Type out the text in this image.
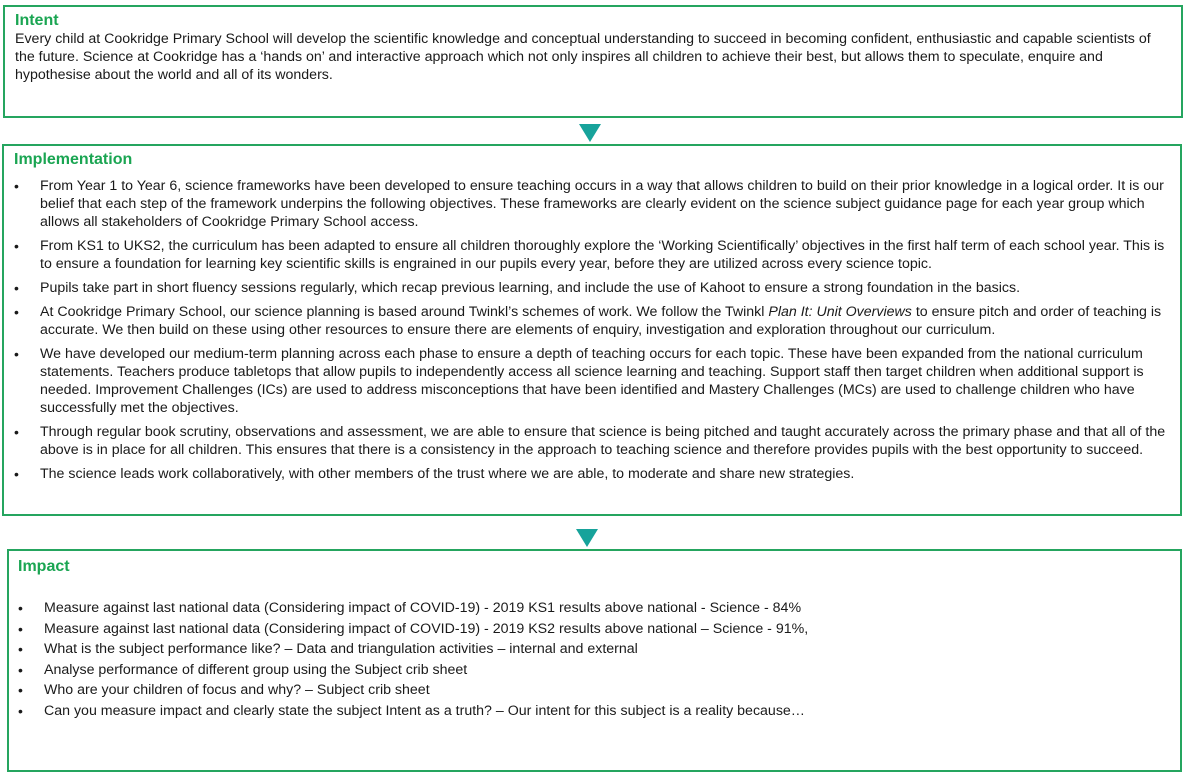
Intent
Every child at Cookridge Primary School will develop the scientific knowledge and conceptual understanding to succeed in becoming confident, enthusiastic and capable scientists of the future. Science at Cookridge has a ‘hands on’ and interactive approach which not only inspires all children to achieve their best, but allows them to speculate, enquire and hypothesise about the world and all of its wonders.
Implementation
• From Year 1 to Year 6, science frameworks have been developed to ensure teaching occurs in a way that allows children to build on their prior knowledge in a logical order. It is our belief that each step of the framework underpins the following objectives. These frameworks are clearly evident on the science subject guidance page for each year group which allows all stakeholders of Cookridge Primary School access.
• From KS1 to UKS2, the curriculum has been adapted to ensure all children thoroughly explore the ‘Working Scientifically’ objectives in the first half term of each school year. This is to ensure a foundation for learning key scientific skills is engrained in our pupils every year, before they are utilized across every science topic.
• Pupils take part in short fluency sessions regularly, which recap previous learning, and include the use of Kahoot to ensure a strong foundation in the basics.
• At Cookridge Primary School, our science planning is based around Twinkl’s schemes of work. We follow the Twinkl Plan It: Unit Overviews to ensure pitch and order of teaching is accurate. We then build on these using other resources to ensure there are elements of enquiry, investigation and exploration throughout our curriculum.
• We have developed our medium-term planning across each phase to ensure a depth of teaching occurs for each topic. These have been expanded from the national curriculum statements. Teachers produce tabletops that allow pupils to independently access all science learning and teaching. Support staff then target children when additional support is needed. Improvement Challenges (ICs) are used to address misconceptions that have been identified and Mastery Challenges (MCs) are used to challenge children who have successfully met the objectives.
• Through regular book scrutiny, observations and assessment, we are able to ensure that science is being pitched and taught accurately across the primary phase and that all of the above is in place for all children. This ensures that there is a consistency in the approach to teaching science and therefore provides pupils with the best opportunity to succeed.
• The science leads work collaboratively, with other members of the trust where we are able, to moderate and share new strategies.
Impact
• Measure against last national data (Considering impact of COVID-19) - 2019 KS1 results above national - Science - 84%
• Measure against last national data (Considering impact of COVID-19) - 2019 KS2 results above national – Science - 91%,
• What is the subject performance like? – Data and triangulation activities – internal and external
• Analyse performance of different group using the Subject crib sheet
• Who are your children of focus and why? – Subject crib sheet
• Can you measure impact and clearly state the subject Intent as a truth? – Our intent for this subject is a reality because…
